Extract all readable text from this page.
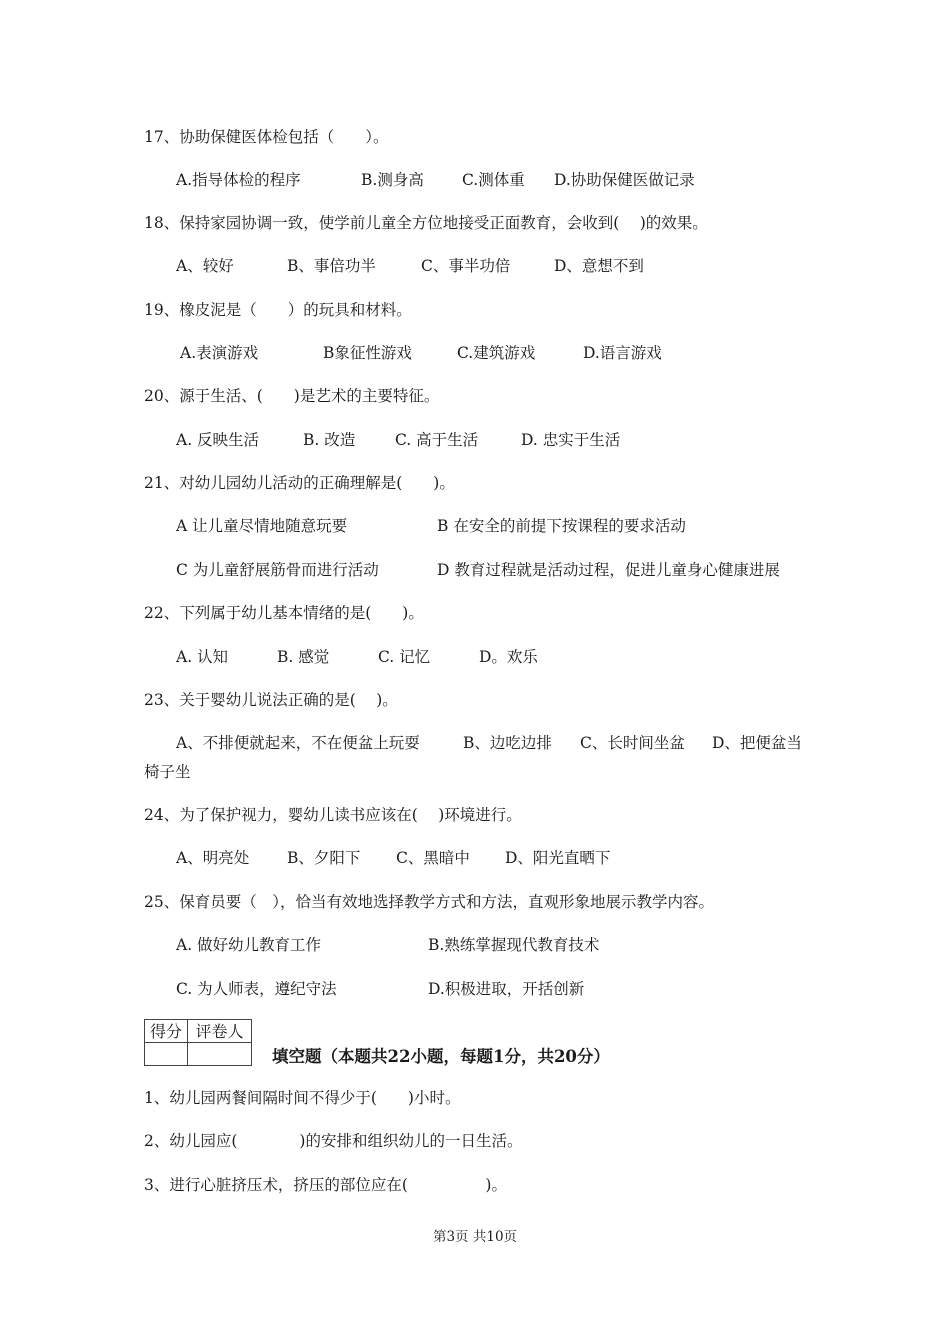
17、协助保健医体检包括（　　）。
A.指导体检的程序	B.测身高 C.测体重 D.协助保健医做记录
18、保持家园协调一致，使学前儿童全方位地接受正面教育，会收到(　 )的效果。
A、较好	B、事倍功半	C、事半功倍	D、意想不到
19、橡皮泥是（　　）的玩具和材料。
A.表演游戏	B象征性游戏	C.建筑游戏	D.语言游戏
20、源于生活、(　　)是艺术的主要特征。
A. 反映生活	B. 改造	C. 高于生活	D. 忠实于生活
21、对幼儿园幼儿活动的正确理解是(　　)。
A 让儿童尽情地随意玩要	B 在安全的前提下按课程的要求活动
C 为儿童舒展筋骨而进行活动	D 教育过程就是活动过程，促进儿童身心健康进展
22、下列属于幼儿基本情绪的是(　　)。
A. 认知	B. 感觉	C. 记忆	D。欢乐
23、关于婴幼儿说法正确的是(　 )。
A、不排便就起来，不在便盆上玩耍	B、边吃边排 C、长时间坐盆 D、把便盆当
椅子坐
24、为了保护视力，婴幼儿读书应该在(　 )环境进行。
A、明亮处 B、夕阳下 C、黑暗中 D、阳光直晒下
25、保育员要（　），恰当有效地选择教学方式和方法，直观形象地展示教学内容。
A. 做好幼儿教育工作	B.熟练掌握现代教育技术
C. 为人师表，遵纪守法	D.积极进取，开括创新
得分	评卷人

填空题（本题共22小题，每题1分，共20分）
1、幼儿园两餐间隔时间不得少于(　　)小时。
2、幼儿园应(　　　　)的安排和组织幼儿的一日生活。
3、进行心脏挤压术，挤压的部位应在(　　　　　)。
第3页 共10页
